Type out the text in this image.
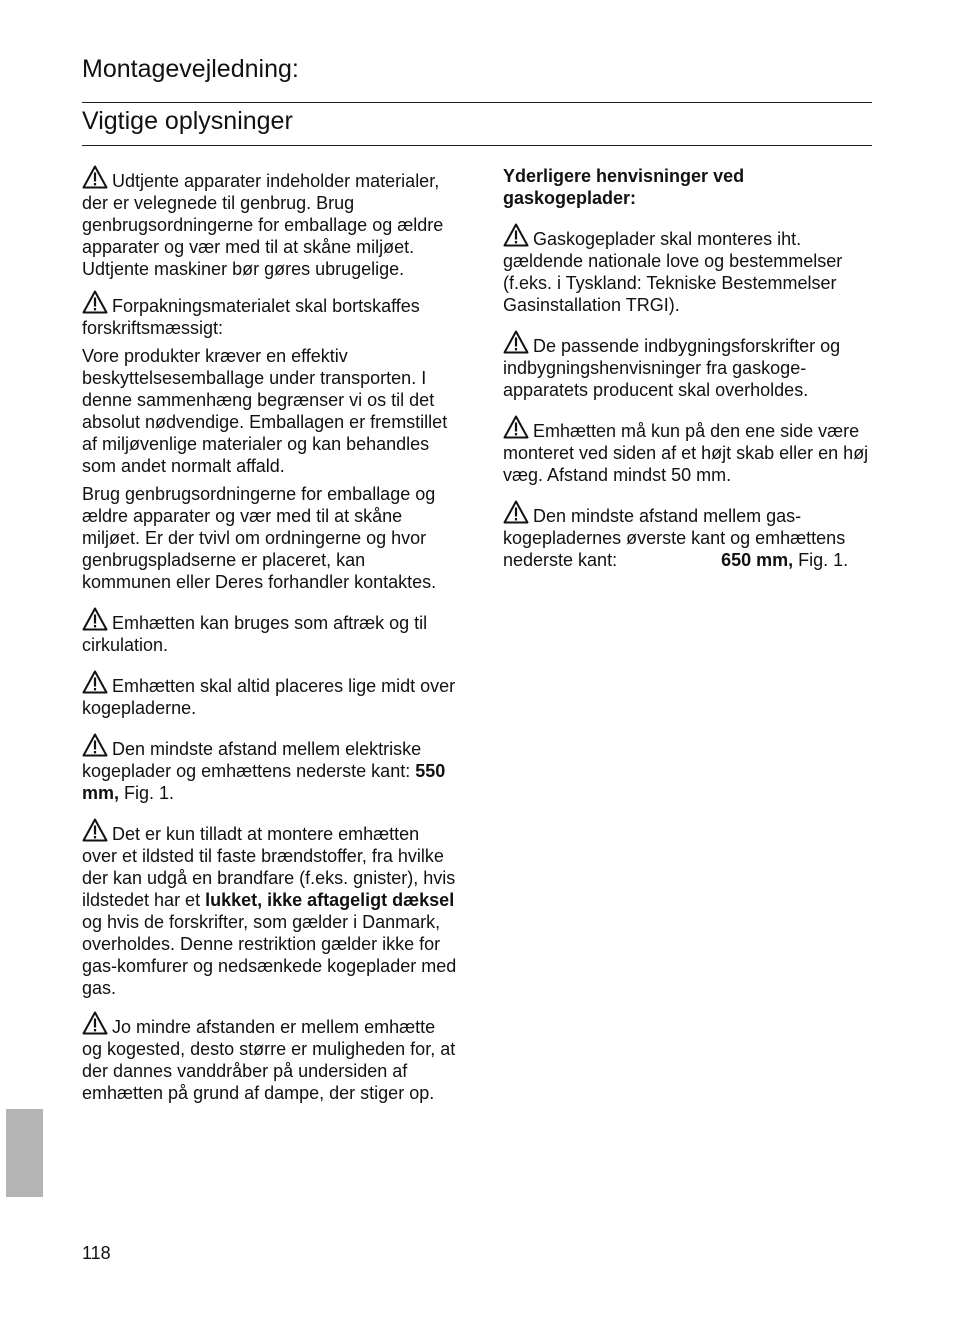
Montagevejledning:
Vigtige oplysninger

Udtjente apparater indeholder materialer, der er velegnede til genbrug. Brug genbrugsordningerne for emballage og ældre apparater og vær med til at skåne miljøet.
Udtjente maskiner bør gøres ubrugelige.

Forpakningsmaterialet skal bortskaffes forskriftsmæssigt:

Vore produkter kræver en effektiv beskyttelsesemballage under transporten. I denne sammenhæng begrænser vi os til det absolut nødvendige. Emballagen er fremstillet af miljøvenlige materialer og kan behandles som andet normalt affald.

Brug genbrugsordningerne for emballage og ældre apparater og vær med til at skåne miljøet. Er der tvivl om ordningerne og hvor genbrugspladserne er placeret, kan kommunen eller Deres forhandler kontaktes.

Emhætten kan bruges som aftræk og til cirkulation.

Emhætten skal altid placeres lige midt over kogepladerne.

Den mindste afstand mellem elektriske kogeplader og emhættens nederste kant: 550 mm, Fig. 1.

Det er kun tilladt at montere emhætten over et ildsted til faste brændstoffer, fra hvilke der kan udgå en brandfare (f.eks. gnister), hvis ildstedet har et lukket, ikke aftageligt dæksel og hvis de forskrifter, som gælder i Danmark, overholdes. Denne restriktion gælder ikke for gas-komfurer og nedsænkede kogeplader med gas.

Jo mindre afstanden er mellem emhætte og kogested, desto større er muligheden for, at der dannes vanddråber på undersiden af emhætten på grund af dampe, der stiger op.

Yderligere henvisninger ved gaskogeplader:

Gaskogeplader skal monteres iht. gældende nationale love og bestemmelser (f.eks. i Tyskland: Tekniske Bestemmelser Gasinstallation TRGI).

De passende indbygningsforskrifter og indbygningshenvisninger fra gaskoge-apparatets producent skal overholdes.

Emhætten må kun på den ene side være monteret ved siden af et højt skab eller en høj væg. Afstand mindst 50 mm.

Den mindste afstand mellem gas-kogepladernes øverste kant og emhættens nederste kant:	650 mm, Fig. 1.

118
